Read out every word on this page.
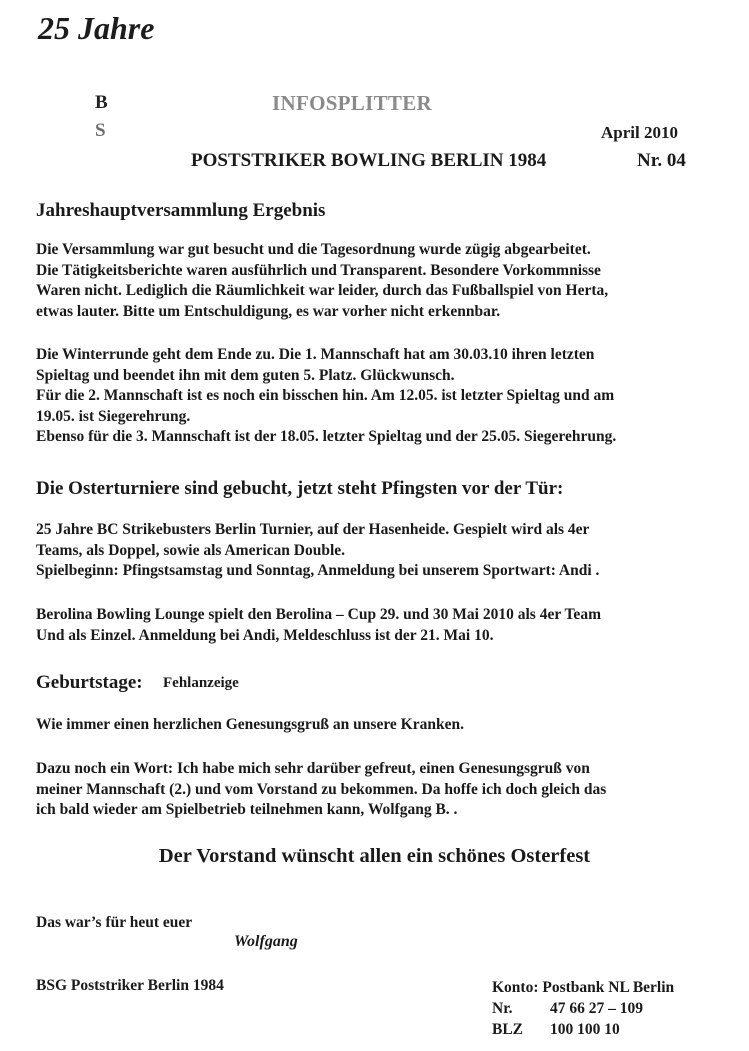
25 Jahre
B
S
INFOSPLITTER
April 2010
POSTSTRIKER BOWLING BERLIN 1984	Nr. 04
Jahreshauptversammlung Ergebnis
Die Versammlung war gut besucht und die Tagesordnung wurde zügig abgearbeitet.
Die Tätigkeitsberichte waren ausführlich und Transparent. Besondere Vorkommnisse
Waren nicht. Lediglich die Räumlichkeit war leider, durch das Fußballspiel von Herta,
etwas lauter. Bitte um Entschuldigung, es war vorher nicht erkennbar.
Die Winterrunde geht dem Ende zu. Die 1. Mannschaft hat am 30.03.10 ihren letzten
Spieltag und beendet ihn mit dem guten 5. Platz. Glückwunsch.
Für die 2. Mannschaft ist es noch ein bisschen hin. Am 12.05. ist letzter Spieltag und am
19.05. ist Siegerehrung.
Ebenso für die 3. Mannschaft ist der 18.05. letzter Spieltag und der 25.05. Siegerehrung.
Die Osterturniere sind gebucht, jetzt steht Pfingsten vor der Tür:
25 Jahre BC Strikebusters Berlin Turnier, auf der Hasenheide. Gespielt wird als 4er
Teams, als Doppel, sowie als American Double.
Spielbeginn: Pfingstsamstag und Sonntag, Anmeldung bei unserem Sportwart: Andi .
Berolina Bowling Lounge spielt den Berolina – Cup 29. und 30 Mai 2010 als 4er Team
Und als Einzel. Anmeldung bei Andi, Meldeschluss ist der 21. Mai 10.
Geburtstage: Fehlanzeige
Wie immer einen herzlichen Genesungsgruß an unsere Kranken.
Dazu noch ein Wort: Ich habe mich sehr darüber gefreut, einen Genesungsgruß von
meiner Mannschaft (2.) und vom Vorstand zu bekommen. Da hoffe ich doch gleich das
ich bald wieder am Spielbetrieb teilnehmen kann, Wolfgang B. .
Der Vorstand wünscht allen ein schönes Osterfest
Das war’s für heut euer
Wolfgang
BSG Poststriker Berlin 1984	Konto: Postbank NL Berlin
Nr. 47 66 27 – 109
BLZ 100 100 10
